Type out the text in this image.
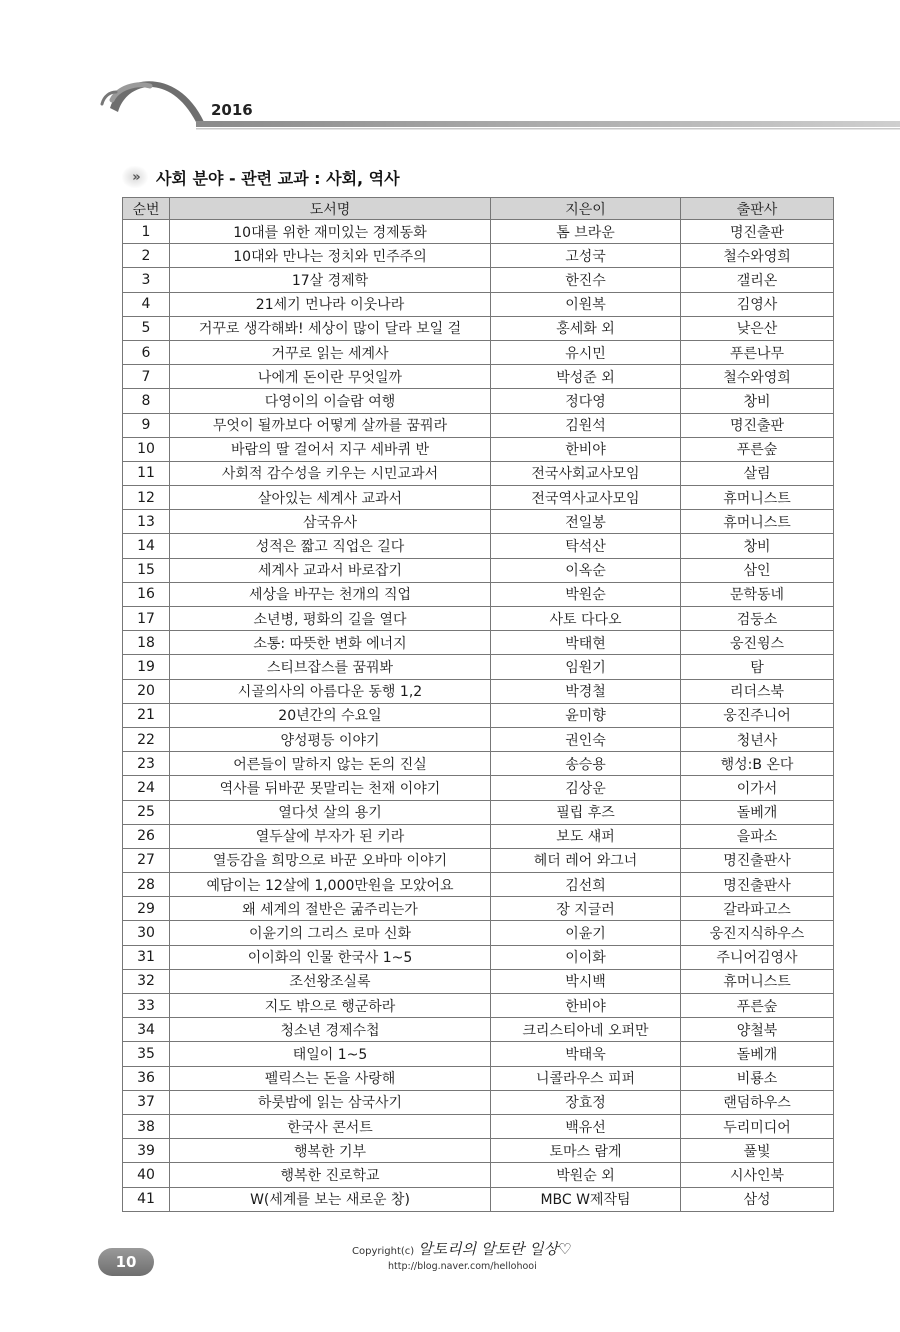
2016
»	사회 분야 - 관련 교과 : 사회, 역사
순번	도서명	지은이	출판사
1	10대를 위한 재미있는 경제동화	톰 브라운	명진출판
2	10대와 만나는 정치와 민주주의	고성국	철수와영희
3	17살 경제학	한진수	갤리온
4	21세기 먼나라 이웃나라	이원복	김영사
5	거꾸로 생각해봐! 세상이 많이 달라 보일 걸	홍세화 외	낮은산
6	거꾸로 읽는 세계사	유시민	푸른나무
7	나에게 돈이란 무엇일까	박성준 외	철수와영희
8	다영이의 이슬람 여행	정다영	창비
9	무엇이 될까보다 어떻게 살까를 꿈꿔라	김원석	명진출판
10	바람의 딸 걸어서 지구 세바퀴 반	한비야	푸른숲
11	사회적 감수성을 키우는 시민교과서	전국사회교사모임	살림
12	살아있는 세계사 교과서	전국역사교사모임	휴머니스트
13	삼국유사	전일봉	휴머니스트
14	성적은 짧고 직업은 길다	탁석산	창비
15	세계사 교과서 바로잡기	이옥순	삼인
16	세상을 바꾸는 천개의 직업	박원순	문학동네
17	소년병, 평화의 길을 열다	사토 다다오	검둥소
18	소통: 따뜻한 변화 에너지	박태현	웅진윙스
19	스티브잡스를 꿈꿔봐	임원기	탐
20	시골의사의 아름다운 동행 1,2	박경철	리더스북
21	20년간의 수요일	윤미향	웅진주니어
22	양성평등 이야기	권인숙	청년사
23	어른들이 말하지 않는 돈의 진실	송승용	행성:B 온다
24	역사를 뒤바꾼 못말리는 천재 이야기	김상운	이가서
25	열다섯 살의 용기	필립 후즈	돌베개
26	열두살에 부자가 된 키라	보도 섀퍼	을파소
27	열등감을 희망으로 바꾼 오바마 이야기	헤더 레어 와그너	명진출판사
28	예담이는 12살에 1,000만원을 모았어요	김선희	명진출판사
29	왜 세계의 절반은 굶주리는가	장 지글러	갈라파고스
30	이윤기의 그리스 로마 신화	이윤기	웅진지식하우스
31	이이화의 인물 한국사 1~5	이이화	주니어김영사
32	조선왕조실록	박시백	휴머니스트
33	지도 밖으로 행군하라	한비야	푸른숲
34	청소년 경제수첩	크리스티아네 오퍼만	양철북
35	태일이 1~5	박태욱	돌베개
36	펠릭스는 돈을 사랑해	니콜라우스 피퍼	비룡소
37	하룻밤에 읽는 삼국사기	장효정	랜덤하우스
38	한국사 콘서트	백유선	두리미디어
39	행복한 기부	토마스 람게	풀빛
40	행복한 진로학교	박원순 외	시사인북
41	W(세계를 보는 새로운 창)	MBC W제작팀	삼성
10
Copyright(c) 알토리의 알토란 일상♡
http://blog.naver.com/hellohooi
